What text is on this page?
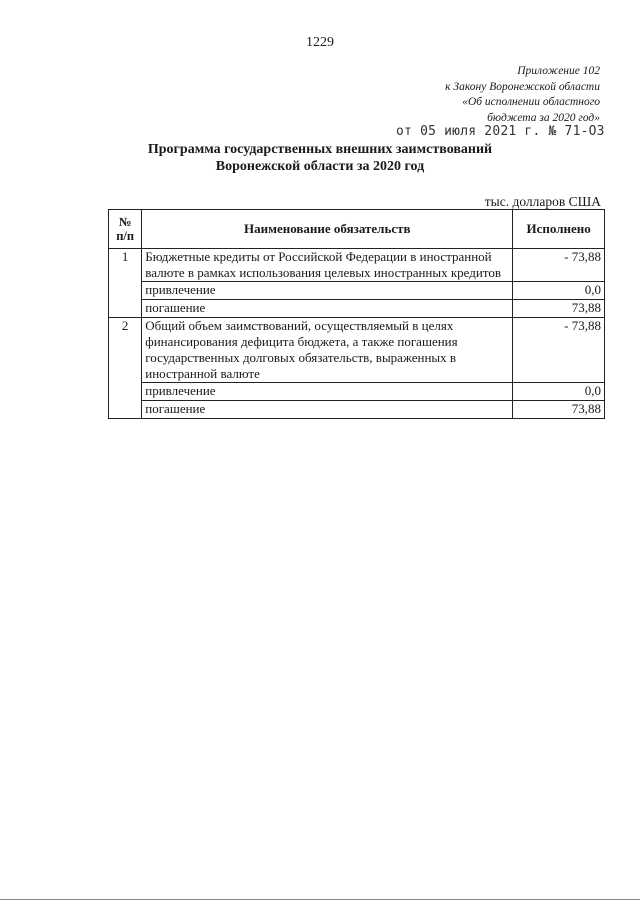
1229
Приложение 102
к Закону Воронежской области
«Об исполнении областного
бюджета за 2020 год»
от 05 июля 2021 г. № 71-ОЗ
Программа государственных внешних заимствований
Воронежской области за 2020 год
тыс. долларов США
№ п/п	Наименование обязательств	Исполнено
1	Бюджетные кредиты от Российской Федерации в иностранной валюте в рамках использования целевых иностранных кредитов	- 73,88
	привлечение	0,0
	погашение	73,88
2	Общий объем заимствований, осуществляемый в целях финансирования дефицита бюджета, а также погашения государственных долговых обязательств, выраженных в иностранной валюте	- 73,88
	привлечение	0,0
	погашение	73,88
